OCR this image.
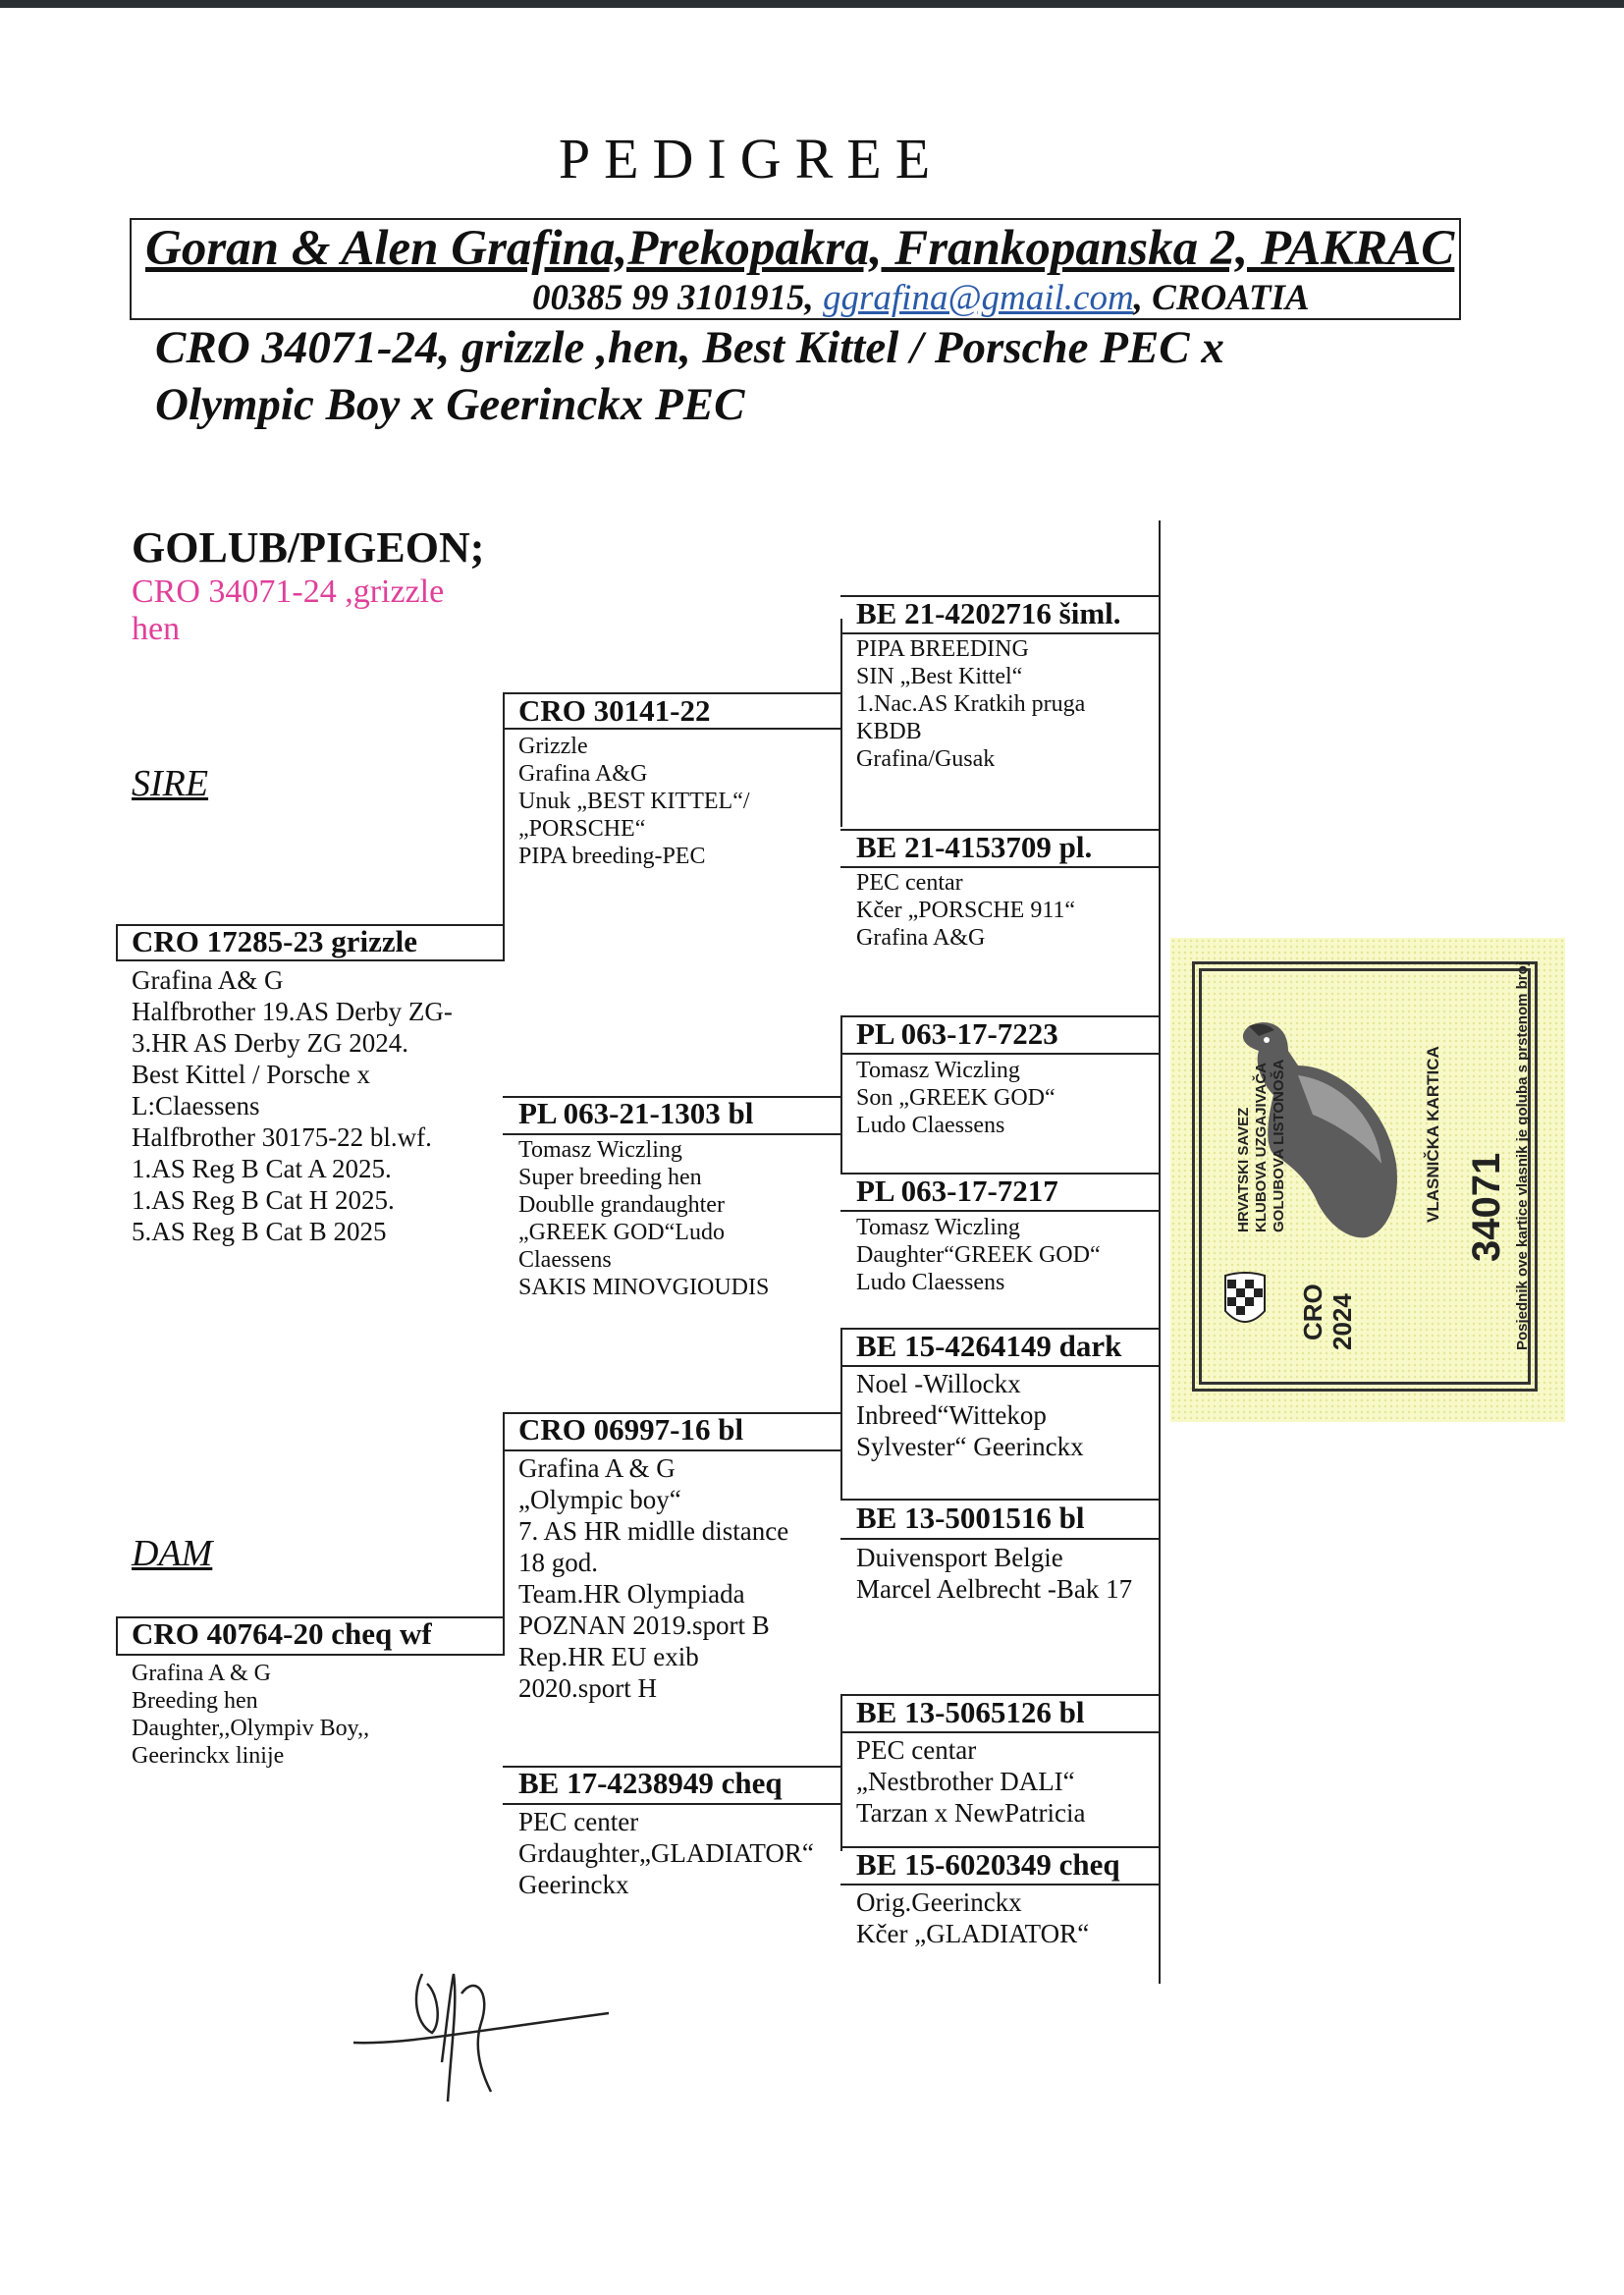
PEDIGREE
Goran & Alen Grafina,Prekopakra, Frankopanska 2, PAKRAC
00385 99 3101915, ggrafina@gmail.com, CROATIA
CRO 34071-24, grizzle ,hen, Best Kittel / Porsche PEC x
Olympic Boy x Geerinckx PEC
GOLUB/PIGEON;
CRO 34071-24 ,grizzle
hen
SIRE
DAM
CRO 17285-23 grizzle
Grafina A& G
Halfbrother 19.AS Derby ZG-
3.HR AS Derby ZG 2024.
Best Kittel / Porsche x
L:Claessens
Halfbrother 30175-22 bl.wf.
1.AS Reg B Cat A 2025.
1.AS Reg B Cat H 2025.
5.AS Reg B Cat B 2025
CRO 40764-20 cheq wf
Grafina A & G
Breeding hen
Daughter,,Olympiv Boy,,
Geerinckx linije
CRO 30141-22
Grizzle
Grafina A&G
Unuk „BEST KITTEL“/
„PORSCHE“
PIPA breeding-PEC
PL 063-21-1303 bl
Tomasz Wiczling
Super breeding hen
Doublle grandaughter
„GREEK GOD“Ludo
Claessens
SAKIS MINOVGIOUDIS
CRO 06997-16 bl
Grafina A & G
„Olympic boy“
7. AS HR midlle distance
18 god.
Team.HR Olympiada
POZNAN 2019.sport B
Rep.HR EU exib
2020.sport H
BE 17-4238949 cheq
PEC center
Grdaughter„GLADIATOR“
Geerinckx
BE 21-4202716 šiml.
PIPA BREEDING
SIN „Best Kittel“
1.Nac.AS Kratkih pruga
KBDB
Grafina/Gusak
BE 21-4153709 pl.
PEC centar
Kčer „PORSCHE 911“
Grafina A&G
PL 063-17-7223
Tomasz Wiczling
Son „GREEK GOD“
Ludo Claessens
PL 063-17-7217
Tomasz Wiczling
Daughter“GREEK GOD“
Ludo Claessens
BE 15-4264149 dark
Noel -Willockx
Inbreed“Wittekop
Sylvester“ Geerinckx
BE 13-5001516 bl
Duivensport Belgie
Marcel Aelbrecht -Bak 17
BE 13-5065126 bl
PEC centar
„Nestbrother DALI“
Tarzan x NewPatricia
BE 15-6020349 cheq
Orig.Geerinckx
Kčer „GLADIATOR“
34071 Posjednik ove kartice vlasnik je goluba s prstenom broj
VLASNIČKA KARTICA
HRVATSKI SAVEZ KLUBOVA UZGAJIVAČA GOLUBOVA LISTONOŠA
CRO 2024
